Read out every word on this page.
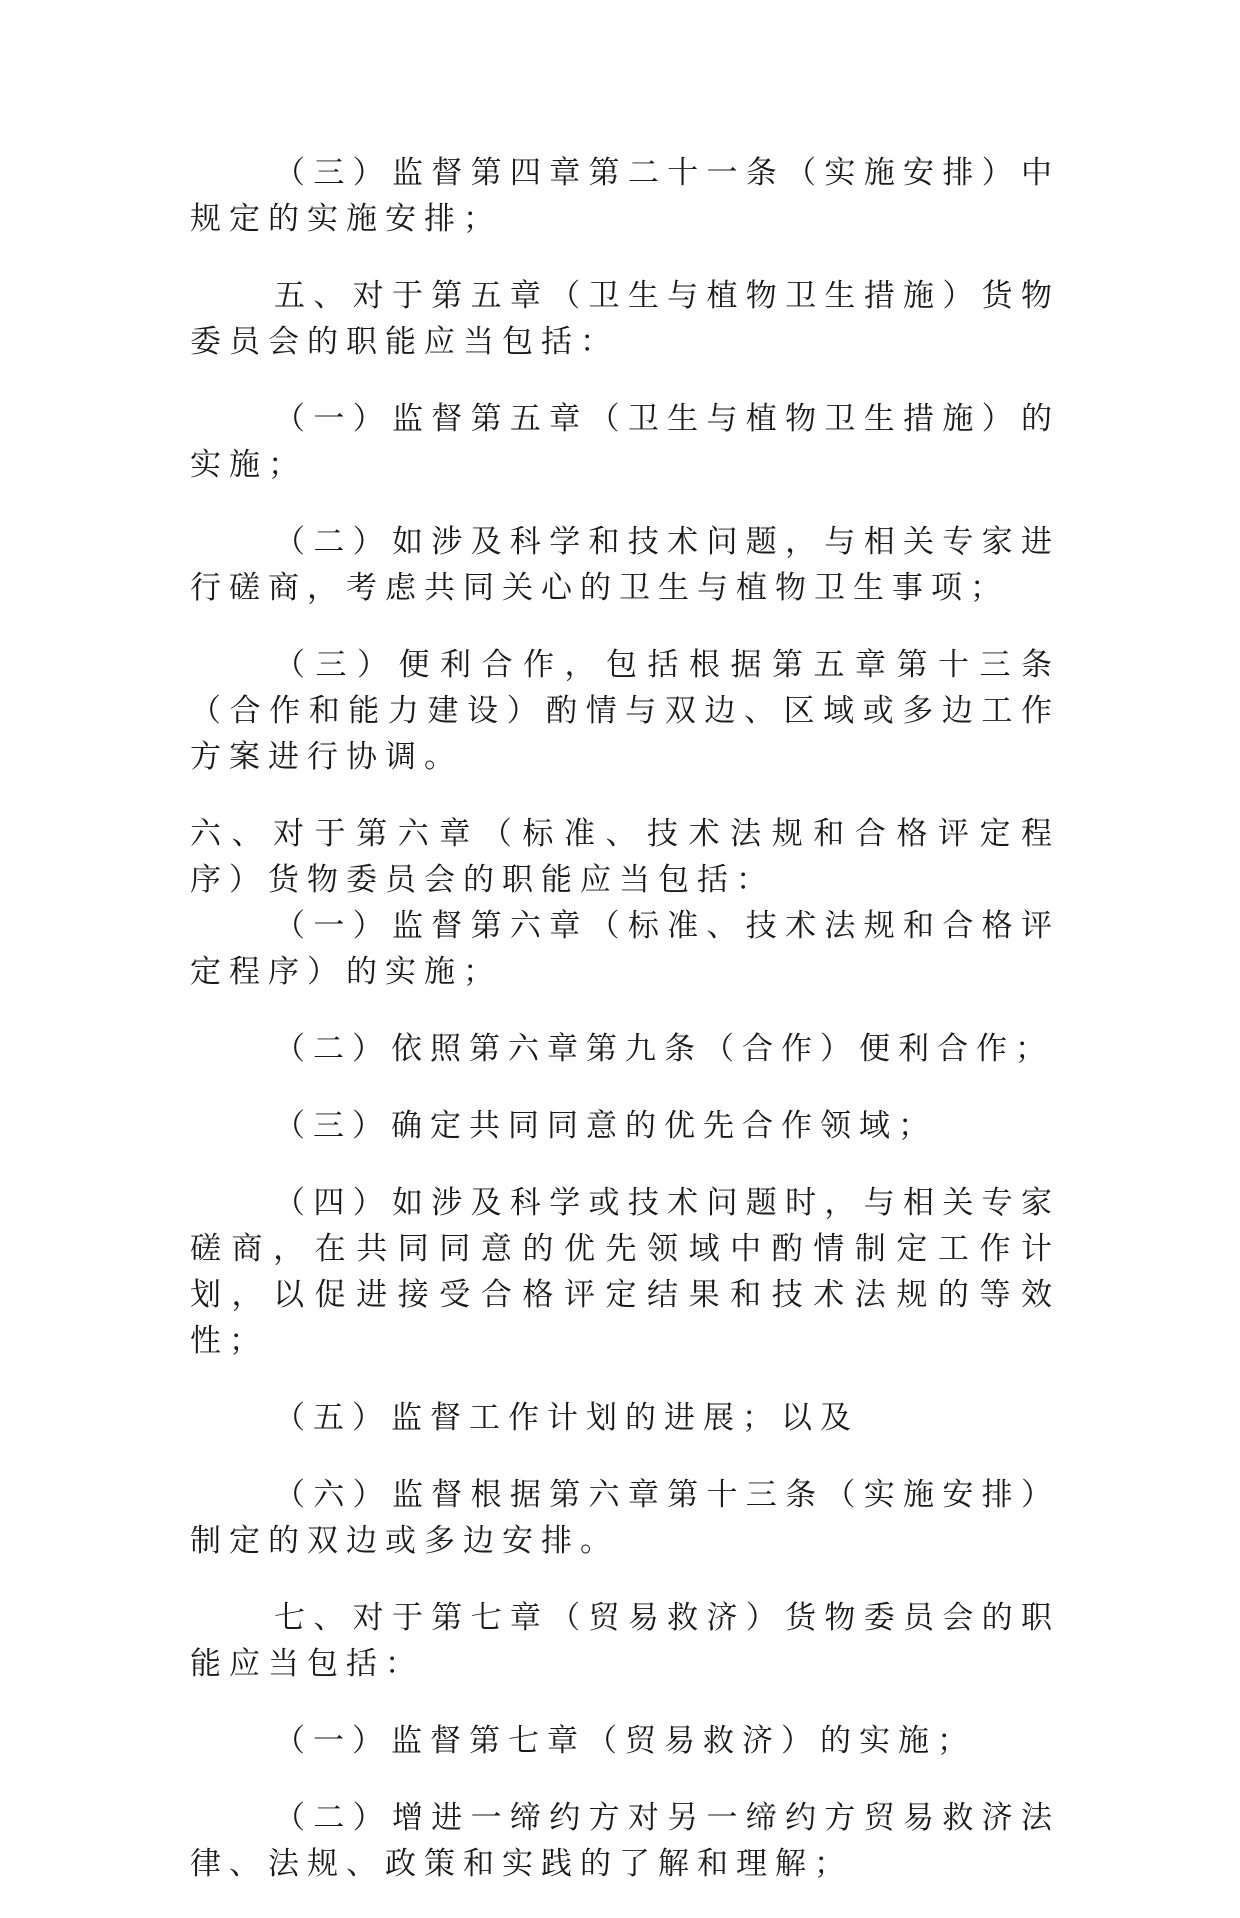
（三）监督第四章第二十一条（实施安排）中规定的实施安排；

五、对于第五章（卫生与植物卫生措施）货物委员会的职能应当包括：

（一）监督第五章（卫生与植物卫生措施）的实施；

（二）如涉及科学和技术问题，与相关专家进行磋商，考虑共同关心的卫生与植物卫生事项；

（三）便利合作，包括根据第五章第十三条（合作和能力建设）酌情与双边、区域或多边工作方案进行协调。

六、对于第六章（标准、技术法规和合格评定程序）货物委员会的职能应当包括：

（一）监督第六章（标准、技术法规和合格评定程序）的实施；

（二）依照第六章第九条（合作）便利合作；

（三）确定共同同意的优先合作领域；

（四）如涉及科学或技术问题时，与相关专家磋商，在共同同意的优先领域中酌情制定工作计划，以促进接受合格评定结果和技术法规的等效性；

（五）监督工作计划的进展；以及

（六）监督根据第六章第十三条（实施安排）制定的双边或多边安排。

七、对于第七章（贸易救济）货物委员会的职能应当包括：

（一）监督第七章（贸易救济）的实施；

（二）增进一缔约方对另一缔约方贸易救济法律、法规、政策和实践的了解和理解；
